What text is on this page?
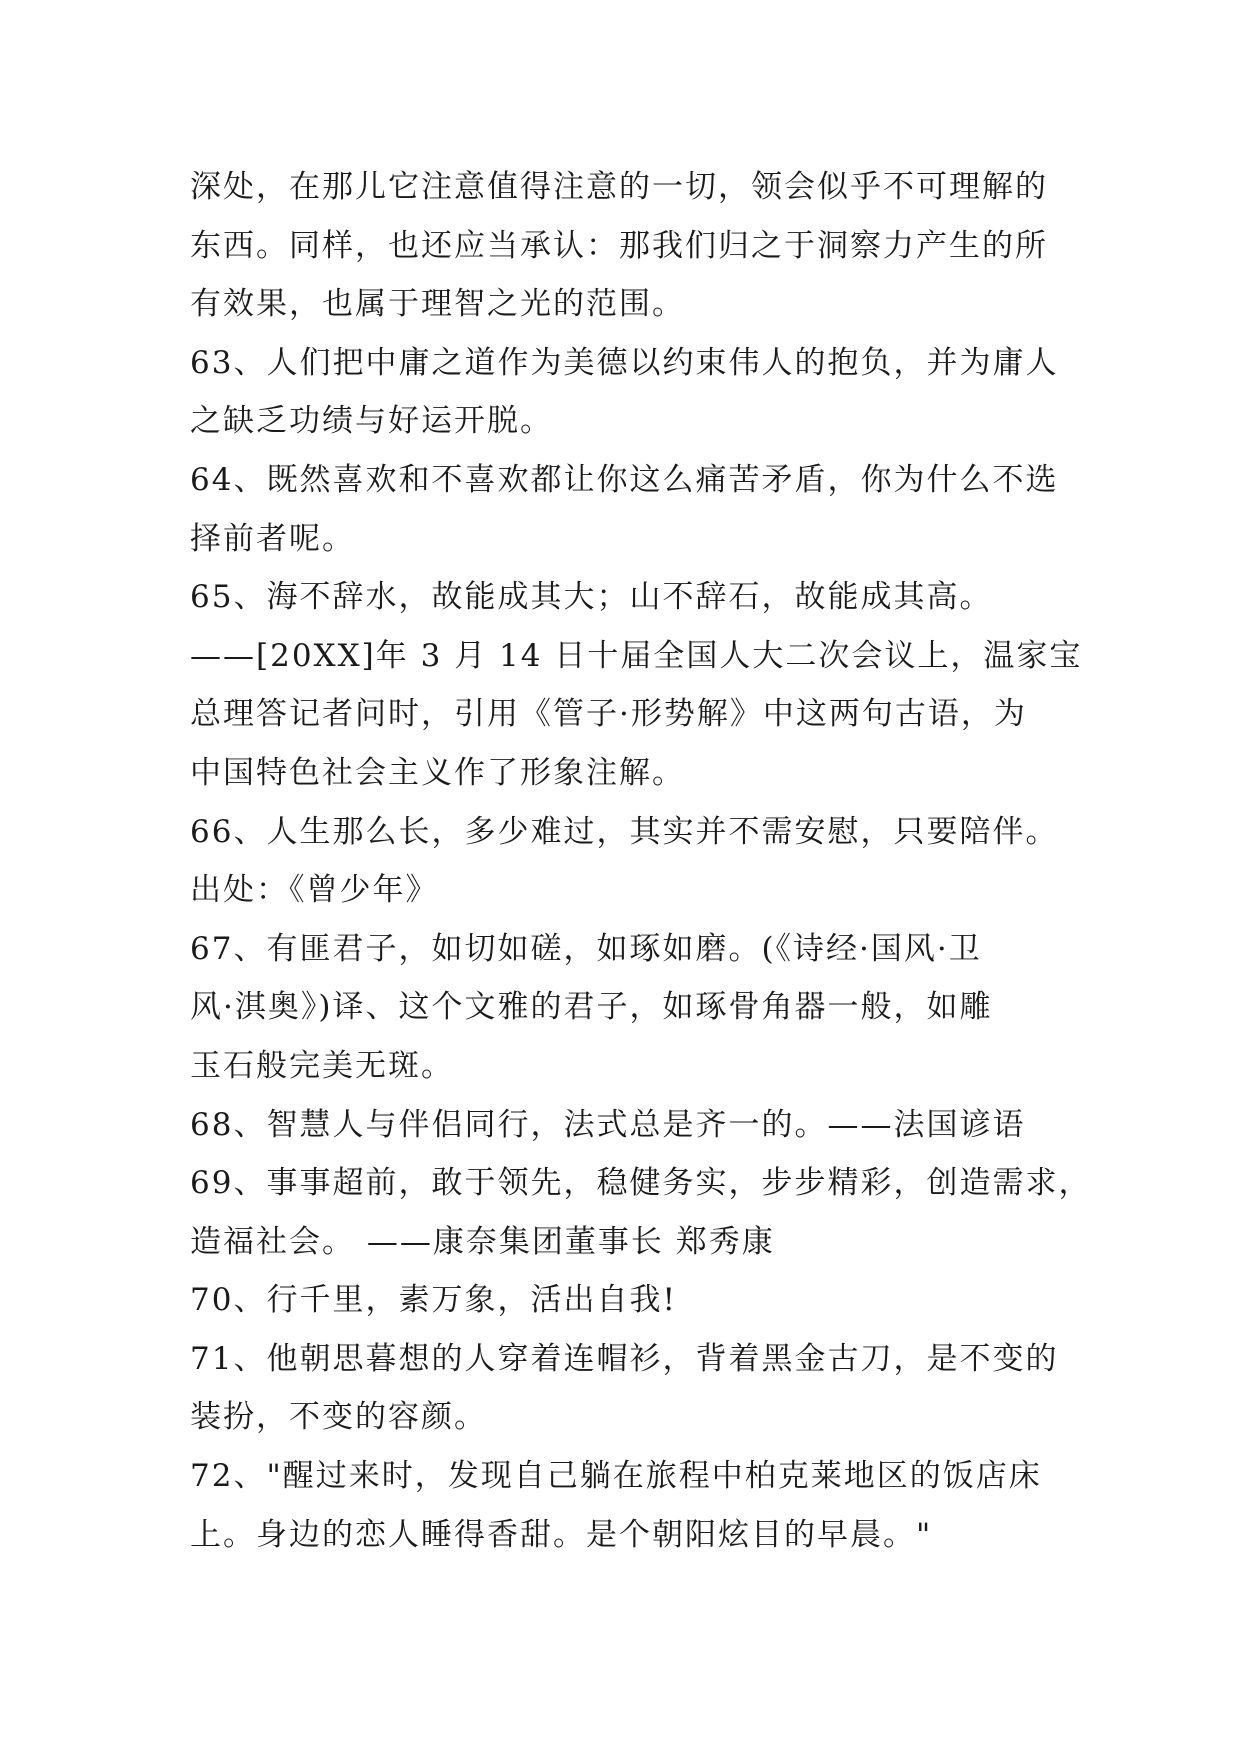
深处，在那儿它注意值得注意的一切，领会似乎不可理解的
东西。同样，也还应当承认：那我们归之于洞察力产生的所
有效果，也属于理智之光的范围。
63、人们把中庸之道作为美德以约束伟人的抱负，并为庸人
之缺乏功绩与好运开脱。
64、既然喜欢和不喜欢都让你这么痛苦矛盾，你为什么不选
择前者呢。
65、海不辞水，故能成其大；山不辞石，故能成其高。
——[20XX]年 3 月 14 日十届全国人大二次会议上，温家宝
总理答记者问时，引用《管子·形势解》中这两句古语，为
中国特色社会主义作了形象注解。
66、人生那么长，多少难过，其实并不需安慰，只要陪伴。
出处：《曾少年》
67、有匪君子，如切如磋，如琢如磨。(《诗经·国风·卫
风·淇奥》)译、这个文雅的君子，如琢骨角器一般，如雕
玉石般完美无斑。
68、智慧人与伴侣同行，法式总是齐一的。——法国谚语
69、事事超前，敢于领先，稳健务实，步步精彩，创造需求，
造福社会。 ——康奈集团董事长 郑秀康
70、行千里，素万象，活出自我!
71、他朝思暮想的人穿着连帽衫，背着黑金古刀，是不变的
装扮，不变的容颜。
72、"醒过来时，发现自己躺在旅程中柏克莱地区的饭店床
上。身边的恋人睡得香甜。是个朝阳炫目的早晨。"
